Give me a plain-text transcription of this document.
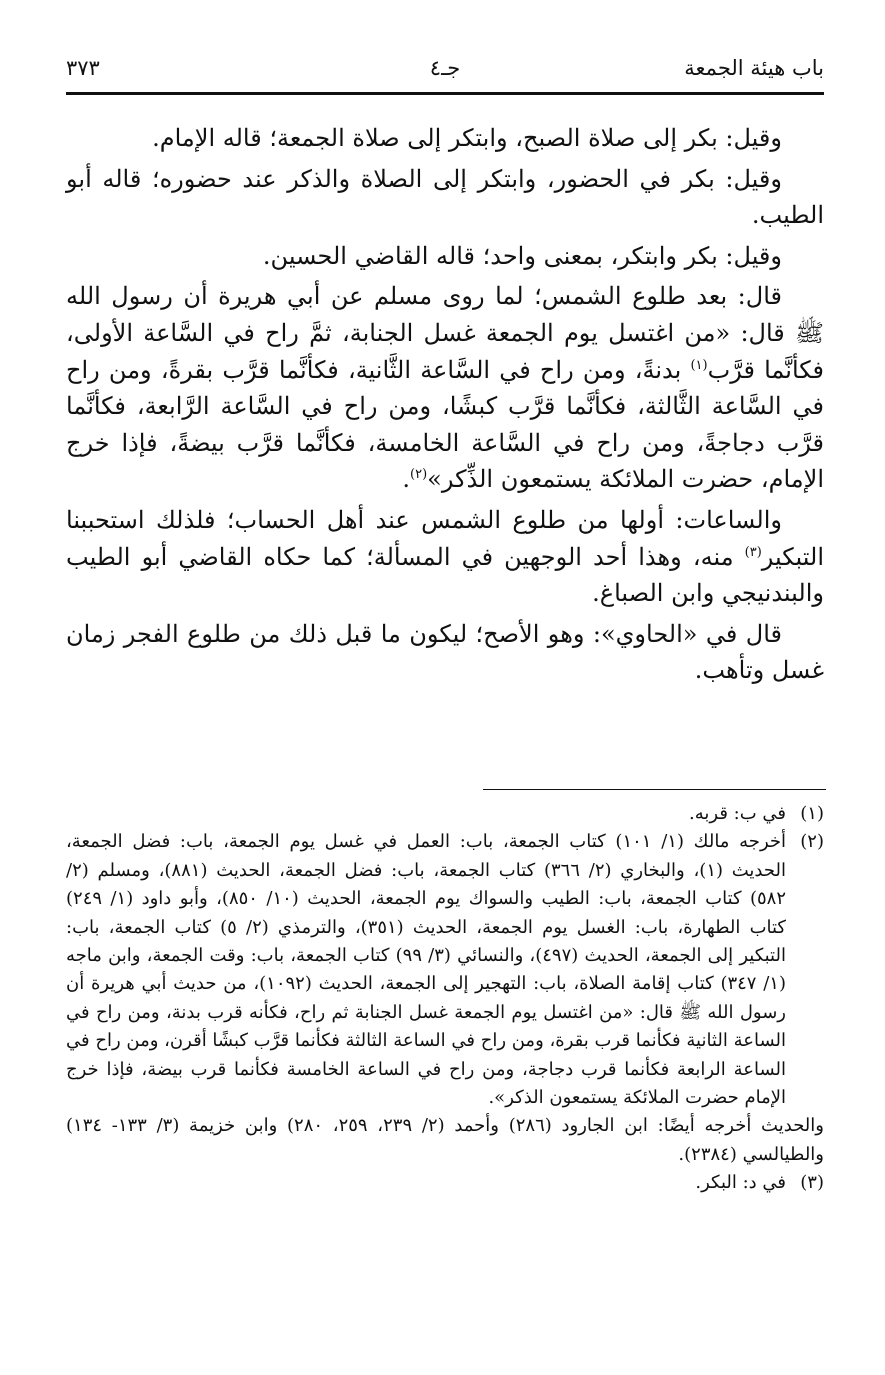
باب هيئة الجمعة
جـ٤
٣٧٣

وقيل: بكر إلى صلاة الصبح، وابتكر إلى صلاة الجمعة؛ قاله الإمام.

وقيل: بكر في الحضور، وابتكر إلى الصلاة والذكر عند حضوره؛ قاله أبو الطيب.

وقيل: بكر وابتكر، بمعنى واحد؛ قاله القاضي الحسين.

قال: بعد طلوع الشمس؛ لما روى مسلم عن أبي هريرة أن رسول الله ﷺ قال: «من اغتسل يوم الجمعة غسل الجنابة، ثمَّ راح في السَّاعة الأولى، فكأنَّما قرَّب$^{(١)}$ بدنةً، ومن راح في السَّاعة الثَّانية، فكأنَّما قرَّب بقرةً، ومن راح في السَّاعة الثَّالثة، فكأنَّما قرَّب كبشًا، ومن راح في السَّاعة الرَّابعة، فكأنَّما قرَّب دجاجةً، ومن راح في السَّاعة الخامسة، فكأنَّما قرَّب بيضةً، فإذا خرج الإمام، حضرت الملائكة يستمعون الذِّكر»$^{(٢)}$.

والساعات: أولها من طلوع الشمس عند أهل الحساب؛ فلذلك استحببنا التبكير$^{(٣)}$ منه، وهذا أحد الوجهين في المسألة؛ كما حكاه القاضي أبو الطيب والبندنيجي وابن الصباغ.

قال في «الحاوي»: وهو الأصح؛ ليكون ما قبل ذلك من طلوع الفجر زمان غسل وتأهب.

(١)
في ب: قربه.

(٢)
أخرجه مالك (١/ ١٠١) كتاب الجمعة، باب: العمل في غسل يوم الجمعة، باب: فضل الجمعة، الحديث (١)، والبخاري (٢/ ٣٦٦) كتاب الجمعة، باب: فضل الجمعة، الحديث (٨٨١)، ومسلم (٢/ ٥٨٢) كتاب الجمعة، باب: الطيب والسواك يوم الجمعة، الحديث (١٠/ ٨٥٠)، وأبو داود (١/ ٢٤٩) كتاب الطهارة، باب: الغسل يوم الجمعة، الحديث (٣٥١)، والترمذي (٢/ ٥) كتاب الجمعة، باب: التبكير إلى الجمعة، الحديث (٤٩٧)، والنسائي (٣/ ٩٩) كتاب الجمعة، باب: وقت الجمعة، وابن ماجه (١/ ٣٤٧) كتاب إقامة الصلاة، باب: التهجير إلى الجمعة، الحديث (١٠٩٢)، من حديث أبي هريرة أن رسول الله ﷺ قال: «من اغتسل يوم الجمعة غسل الجنابة ثم راح، فكأنه قرب بدنة، ومن راح في الساعة الثانية فكأنما قرب بقرة، ومن راح في الساعة الثالثة فكأنما قرَّب كبشًا أقرن، ومن راح في الساعة الرابعة فكأنما قرب دجاجة، ومن راح في الساعة الخامسة فكأنما قرب بيضة، فإذا خرج الإمام حضرت الملائكة يستمعون الذكر».

والحديث أخرجه أيضًا: ابن الجارود (٢٨٦) وأحمد (٢/ ٢٣٩، ٢٥٩، ٢٨٠) وابن خزيمة (٣/ ١٣٣- ١٣٤) والطيالسي (٢٣٨٤).

(٣)
في د: البكر.
